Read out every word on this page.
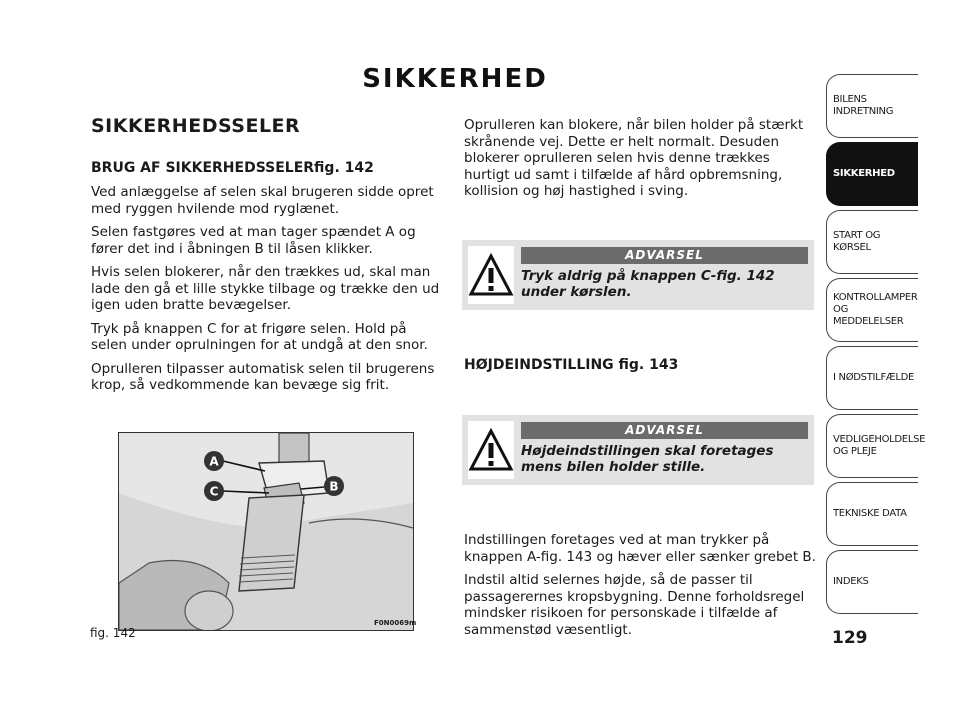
SIKKERHED
SIKKERHEDSSELER
BRUG AF SIKKERHEDSSELERfig. 142

Ved anlæggelse af selen skal brugeren sidde opret med ryggen hvilende mod ryglænet.

Selen fastgøres ved at man tager spændet A og fører det ind i åbningen B til låsen klikker.

Hvis selen blokerer, når den trækkes ud, skal man lade den gå et lille stykke tilbage og trække den ud igen uden bratte bevægelser.

Tryk på knappen C for at frigøre selen. Hold på selen under oprulningen for at undgå at den snor.

Oprulleren tilpasser automatisk selen til brugerens krop, så vedkommende kan bevæge sig frit.

A
C	B
fig. 142
F0N0069m

Oprulleren kan blokere, når bilen holder på stærkt skrånende vej. Dette er helt normalt. Desuden blokerer oprulleren selen hvis denne trækkes hurtigt ud samt i tilfælde af hård opbremsning, kollision og høj hastighed i sving.

ADVARSEL
Tryk aldrig på knappen C-fig. 142 under kørslen.
HØJDEINDSTILLING fig. 143
ADVARSEL
Højdeindstillingen skal foretages mens bilen holder stille.

Indstillingen foretages ved at man trykker på knappen A-fig. 143 og hæver eller sænker grebet B.

Indstil altid selernes højde, så de passer til passagerernes kropsbygning. Denne forholdsregel mindsker risikoen for personskade i tilfælde af sammenstød væsentligt.

BILENS INDRETNING
SIKKERHED
START OG KØRSEL
KONTROLLAMPER OG MEDDELELSER
I NØDSTILFÆLDE
VEDLIGEHOLDELSE OG PLEJE
TEKNISKE DATA
INDEKS
129
